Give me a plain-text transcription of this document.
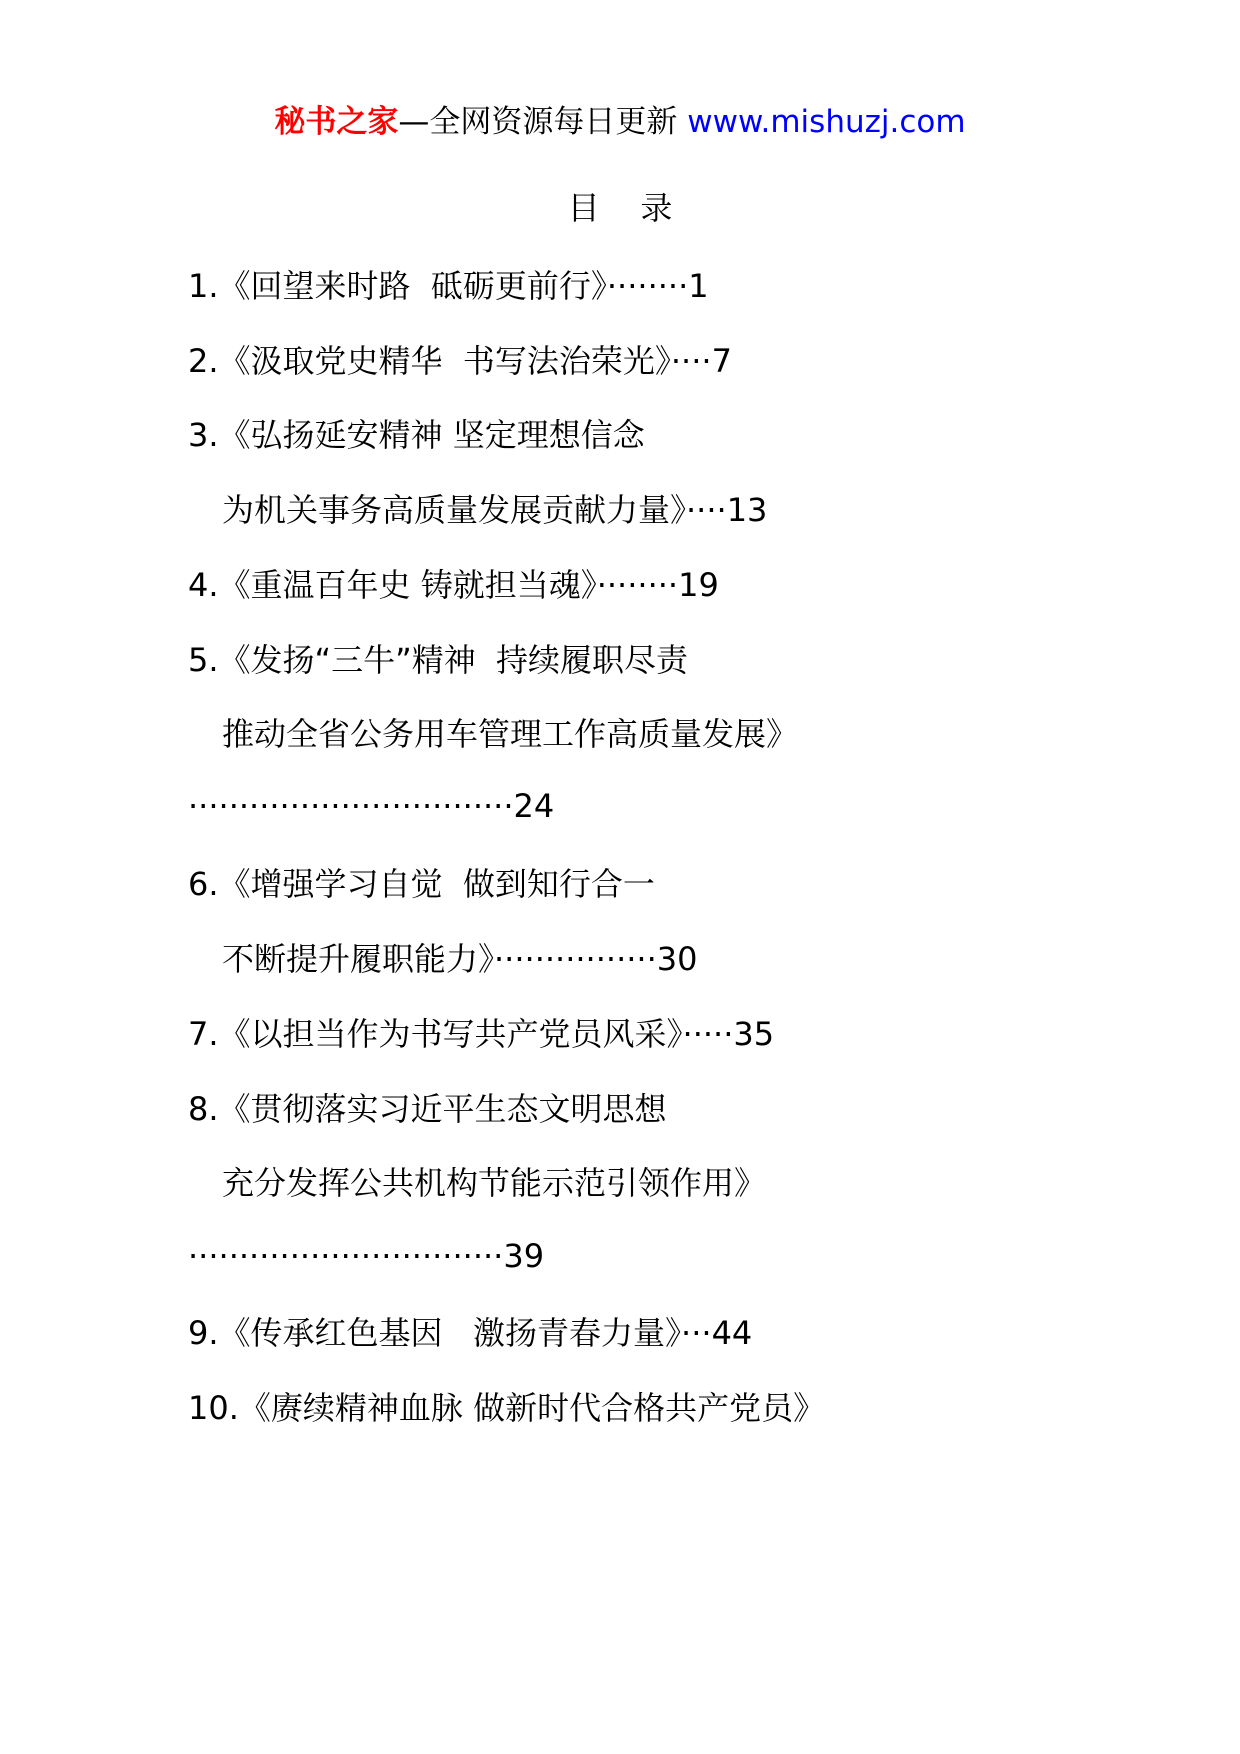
秘书之家—全网资源每日更新 www.mishuzj.com
目    录
1.《回望来时路  砥砺更前行》········1
2.《汲取党史精华  书写法治荣光》····7
3.《弘扬延安精神 坚定理想信念
为机关事务高质量发展贡献力量》····13
4.《重温百年史 铸就担当魂》········19
5.《发扬“三牛”精神  持续履职尽责
推动全省公务用车管理工作高质量发展》
································24
6.《增强学习自觉  做到知行合一
不断提升履职能力》················30
7.《以担当作为书写共产党员风采》·····35
8.《贯彻落实习近平生态文明思想
充分发挥公共机构节能示范引领作用》
·······························39
9.《传承红色基因   激扬青春力量》···44
10.《赓续精神血脉 做新时代合格共产党员》
